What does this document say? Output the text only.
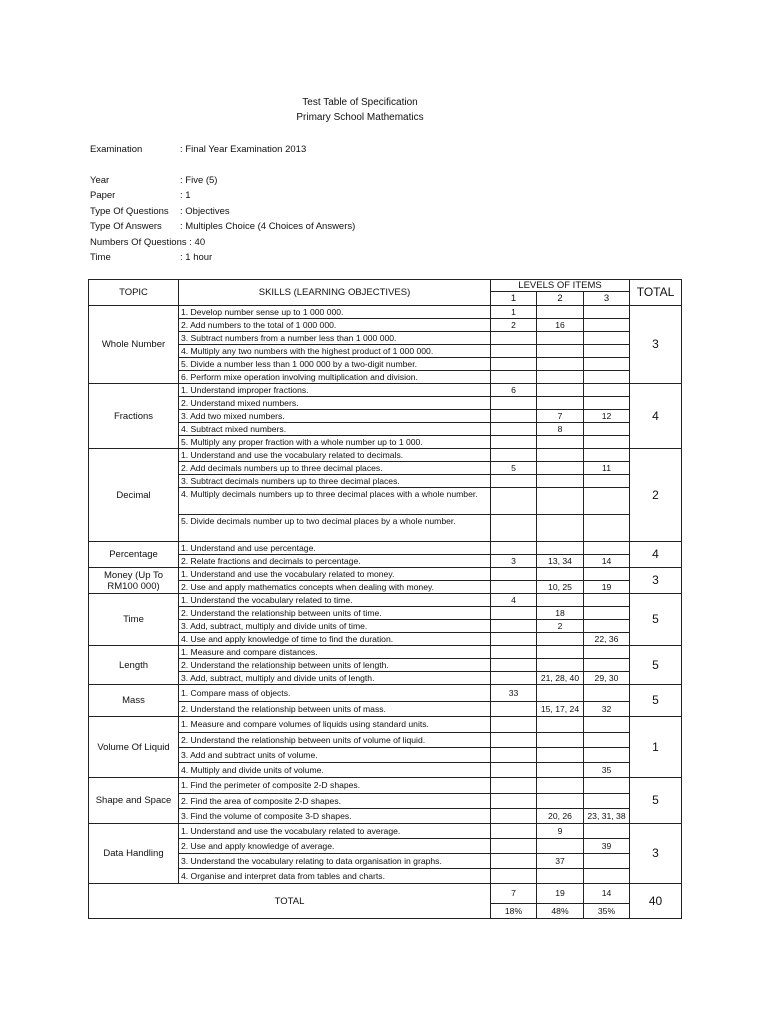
Test Table of Specification
Primary School Mathematics
Examination	: Final Year Examination 2013
Year	: Five (5)
Paper	: 1
Type Of Questions : Objectives
Type Of Answers : Multiples Choice (4 Choices of Answers)
Numbers Of Questions : 40
Time	: 1 hour
TOPIC	SKILLS (LEARNING OBJECTIVES)	LEVELS OF ITEMS			TOTAL
		1	2	3	
Whole Number	1. Develop number sense up to 1 000 000.	1			3
	2. Add numbers to the total of 1 000 000.	2	16		
	3. Subtract numbers from a number less than 1 000 000.				
	4. Multiply any two numbers with the highest product of 1 000 000.				
	5. Divide a number less than 1 000 000 by a two-digit number.				
	6. Perform mixe operation involving multiplication and division.				
Fractions	1. Understand improper fractions.	6			4
	2. Understand mixed numbers.				
	3. Add two mixed numbers.		7	12	
	4. Subtract mixed numbers.		8		
	5. Multiply any proper fraction with a whole number up to 1 000.				
Decimal	1. Understand and use the vocabulary related to decimals.				2
	2. Add decimals numbers up to three decimal places.	5		11	
	3. Subtract decimals numbers up to three decimal places.				
	4. Multiply decimals numbers up to three decimal places with a whole number.				
	5. Divide decimals number up to two decimal places by a whole number.				
Percentage	1. Understand and use percentage.				4
	2. Relate fractions and decimals to percentage.	3	13, 34	14	
Money (Up To RM100 000)	1. Understand and use the vocabulary related to money.				3
	2. Use and apply mathematics concepts when dealing with money.		10, 25	19	
Time	1. Understand the vocabulary related to time.	4			5
	2. Understand the relationship between units of time.		18		
	3. Add, subtract, multiply and divide units of time.		2		
	4. Use and apply knowledge of time to find the duration.			22, 36	
Length	1. Measure and compare distances.				5
	2. Understand the relationship between units of length.				
	3. Add, subtract, multiply and divide units of length.		21, 28, 40	29, 30	
Mass	1. Compare mass of objects.	33			5
	2. Understand the relationship between units of mass.		15, 17, 24	32	
Volume Of Liquid	1. Measure and compare volumes of liquids using standard units.				1
	2. Understand the relationship between units of volume of liquid.				
	3. Add and subtract units of volume.				
	4. Multiply and divide units of volume.			35	
Shape and Space	1. Find the perimeter of composite 2-D shapes.				5
	2. Find the area of composite 2-D shapes.				
	3. Find the volume of composite 3-D shapes.		20, 26	23, 31, 38	
Data Handling	1. Understand and use the vocabulary related to average.		9		3
	2. Use and apply knowledge of average.			39	
	3. Understand the vocabulary relating to data organisation in graphs.		37		
	4. Organise and interpret data from tables and charts.				
TOTAL		7	19	14	40
		18%	48%	35%	
